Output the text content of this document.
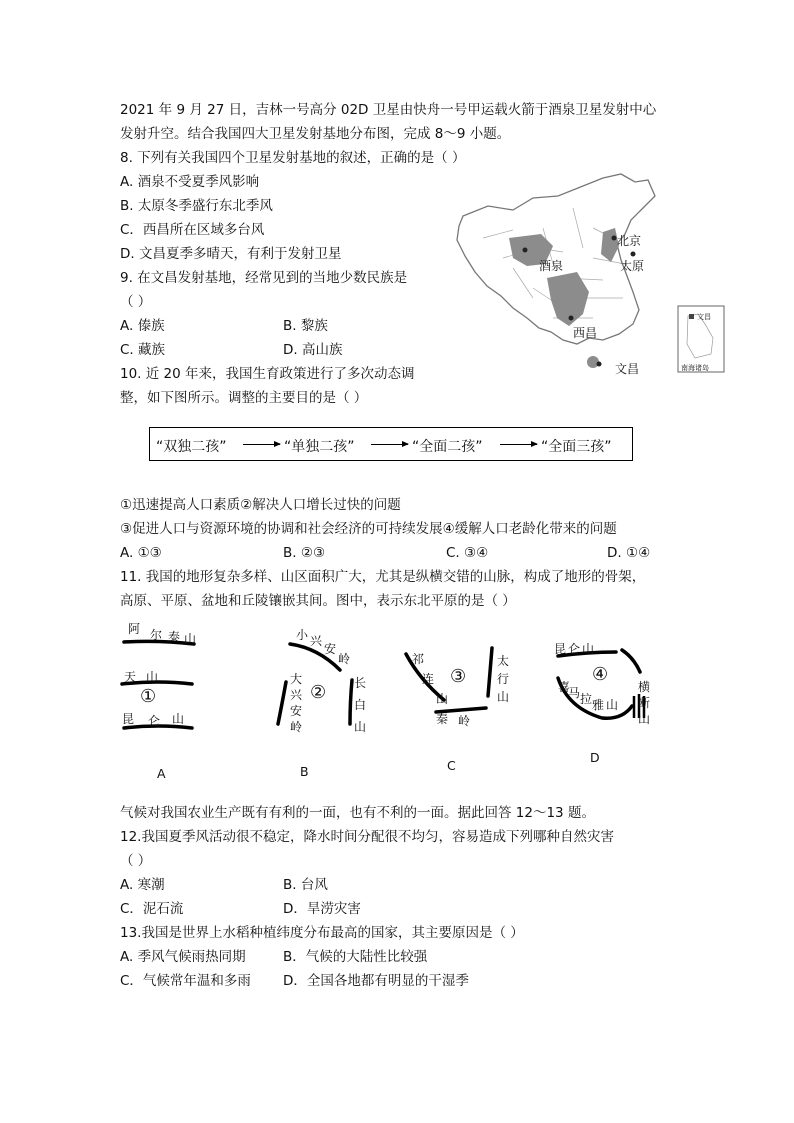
2021 年 9 月 27 日，吉林一号高分 02D 卫星由快舟一号甲运载火箭于酒泉卫星发射中心
发射升空。结合我国四大卫星发射基地分布图，完成 8～9 小题。
8. 下列有关我国四个卫星发射基地的叙述，正确的是（ ）
A. 酒泉不受夏季风影响
B. 太原冬季盛行东北季风
C．西昌所在区域多台风
D. 文昌夏季多晴天，有利于发射卫星
9. 在文昌发射基地，经常见到的当地少数民族是
（ ）
A. 傣族	B. 黎族
C. 藏族	D. 高山族
北京
太原
酒泉
西昌
文昌
文昌
南海诸岛
10. 近 20 年来，我国生育政策进行了多次动态调
整，如下图所示。调整的主要目的是（ ）
“双独二孩”	“单独二孩”	“全面二孩”	“全面三孩”
①迅速提高人口素质②解决人口增长过快的问题
③促进人口与资源环境的协调和社会经济的可持续发展④缓解人口老龄化带来的问题
A. ①③	B. ②③	C. ③④	D. ①④
11. 我国的地形复杂多样、山区面积广大，尤其是纵横交错的山脉，构成了地形的骨架，
高原、平原、盆地和丘陵镶嵌其间。图中，表示东北平原的是（ ）
阿 尔 泰 山
天 山
①
昆 仑 山
A
小 兴
安
岭
大
兴
安
岭
② 长
白
山
B
祁
连
山
③
太
行
山
秦 岭
C
昆 仑 山
④
喜
马 拉 雅 山
横
断
山
D
气候对我国农业生产既有有利的一面，也有不利的一面。据此回答 12～13 题。
12.我国夏季风活动很不稳定，降水时间分配很不均匀，容易造成下列哪种自然灾害
（ ）
A. 寒潮	B. 台风
C．泥石流	D．旱涝灾害
13.我国是世界上水稻种植纬度分布最高的国家，其主要原因是（ ）
A. 季风气候雨热同期	B．气候的大陆性比较强
C．气候常年温和多雨 D．全国各地都有明显的干湿季
